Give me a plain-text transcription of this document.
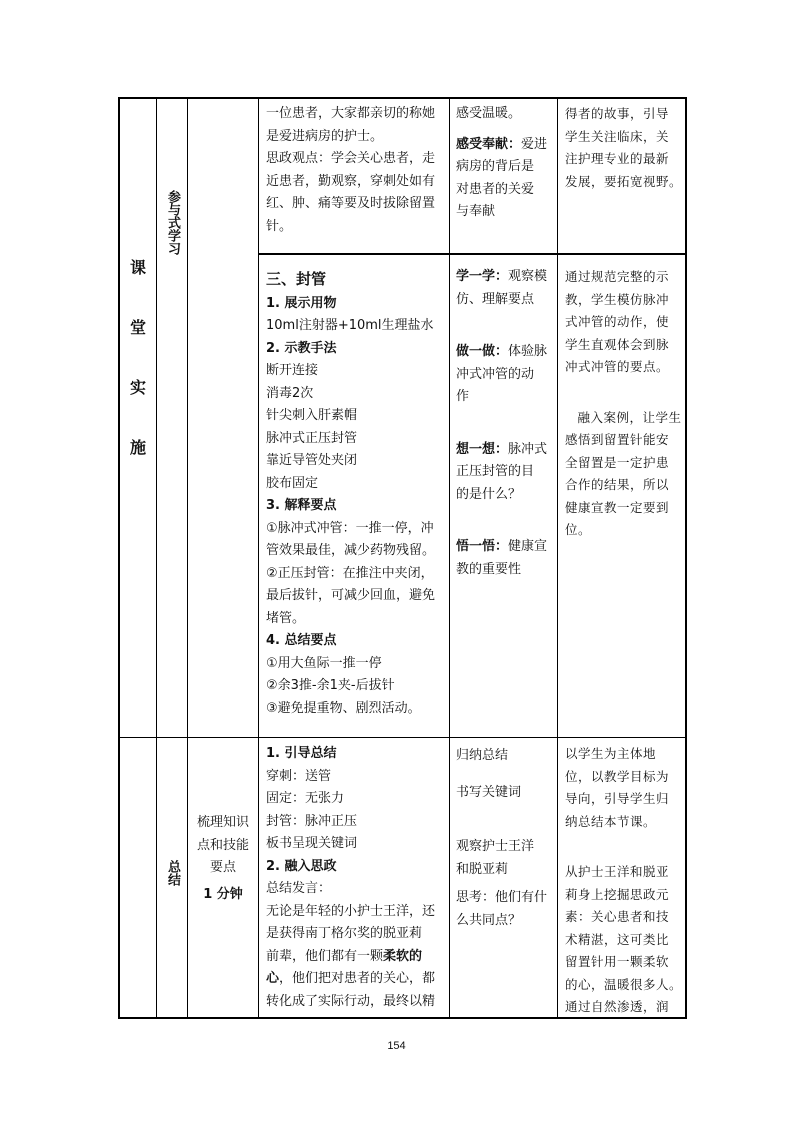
课
堂
实
施
参与式学习

一位患者，大家都亲切的称她

是爱进病房的护士。

思政观点：学会关心患者，走

近患者，勤观察，穿刺处如有

红、肿、痛等要及时拔除留置

针。

感受温暖。

感受奉献：爱进

病房的背后是

对患者的关爱

与奉献

得者的故事，引导

学生关注临床，关

注护理专业的最新

发展，要拓宽视野。

三、封管

1. 展示用物

10ml注射器+10ml生理盐水

2. 示教手法

断开连接

消毒2次

针尖刺入肝素帽

脉冲式正压封管

靠近导管处夹闭

胶布固定

3. 解释要点

①脉冲式冲管：一推一停，冲

管效果最佳，减少药物残留。

②正压封管：在推注中夹闭，

最后拔针，可减少回血，避免

堵管。

4. 总结要点

①用大鱼际一推一停

②余3推-余1夹-后拔针

③避免提重物、剧烈活动。

学一学：观察模

仿、理解要点

做一做：体验脉

冲式冲管的动

作

想一想：脉冲式

正压封管的目

的是什么？

悟一悟：健康宣

教的重要性

通过规范完整的示

教，学生模仿脉冲

式冲管的动作，使

学生直观体会到脉

冲式冲管的要点。

融入案例，让学生

感悟到留置针能安

全留置是一定护患

合作的结果，所以

健康宣教一定要到

位。

总结

梳理知识

点和技能

要点

1 分钟

1. 引导总结

穿刺：送管

固定：无张力

封管：脉冲正压

板书呈现关键词

2. 融入思政

总结发言：

无论是年轻的小护士王洋，还

是获得南丁格尔奖的脱亚莉

前辈，他们都有一颗柔软的

心，他们把对患者的关心，都

转化成了实际行动，最终以精

归纳总结

书写关键词

观察护士王洋

和脱亚莉

思考：他们有什

么共同点？

以学生为主体地

位，以教学目标为

导向，引导学生归

纳总结本节课。

从护士王洋和脱亚

莉身上挖掘思政元

素：关心患者和技

术精湛，这可类比

留置针用一颗柔软

的心，温暖很多人。

通过自然渗透，润

154
